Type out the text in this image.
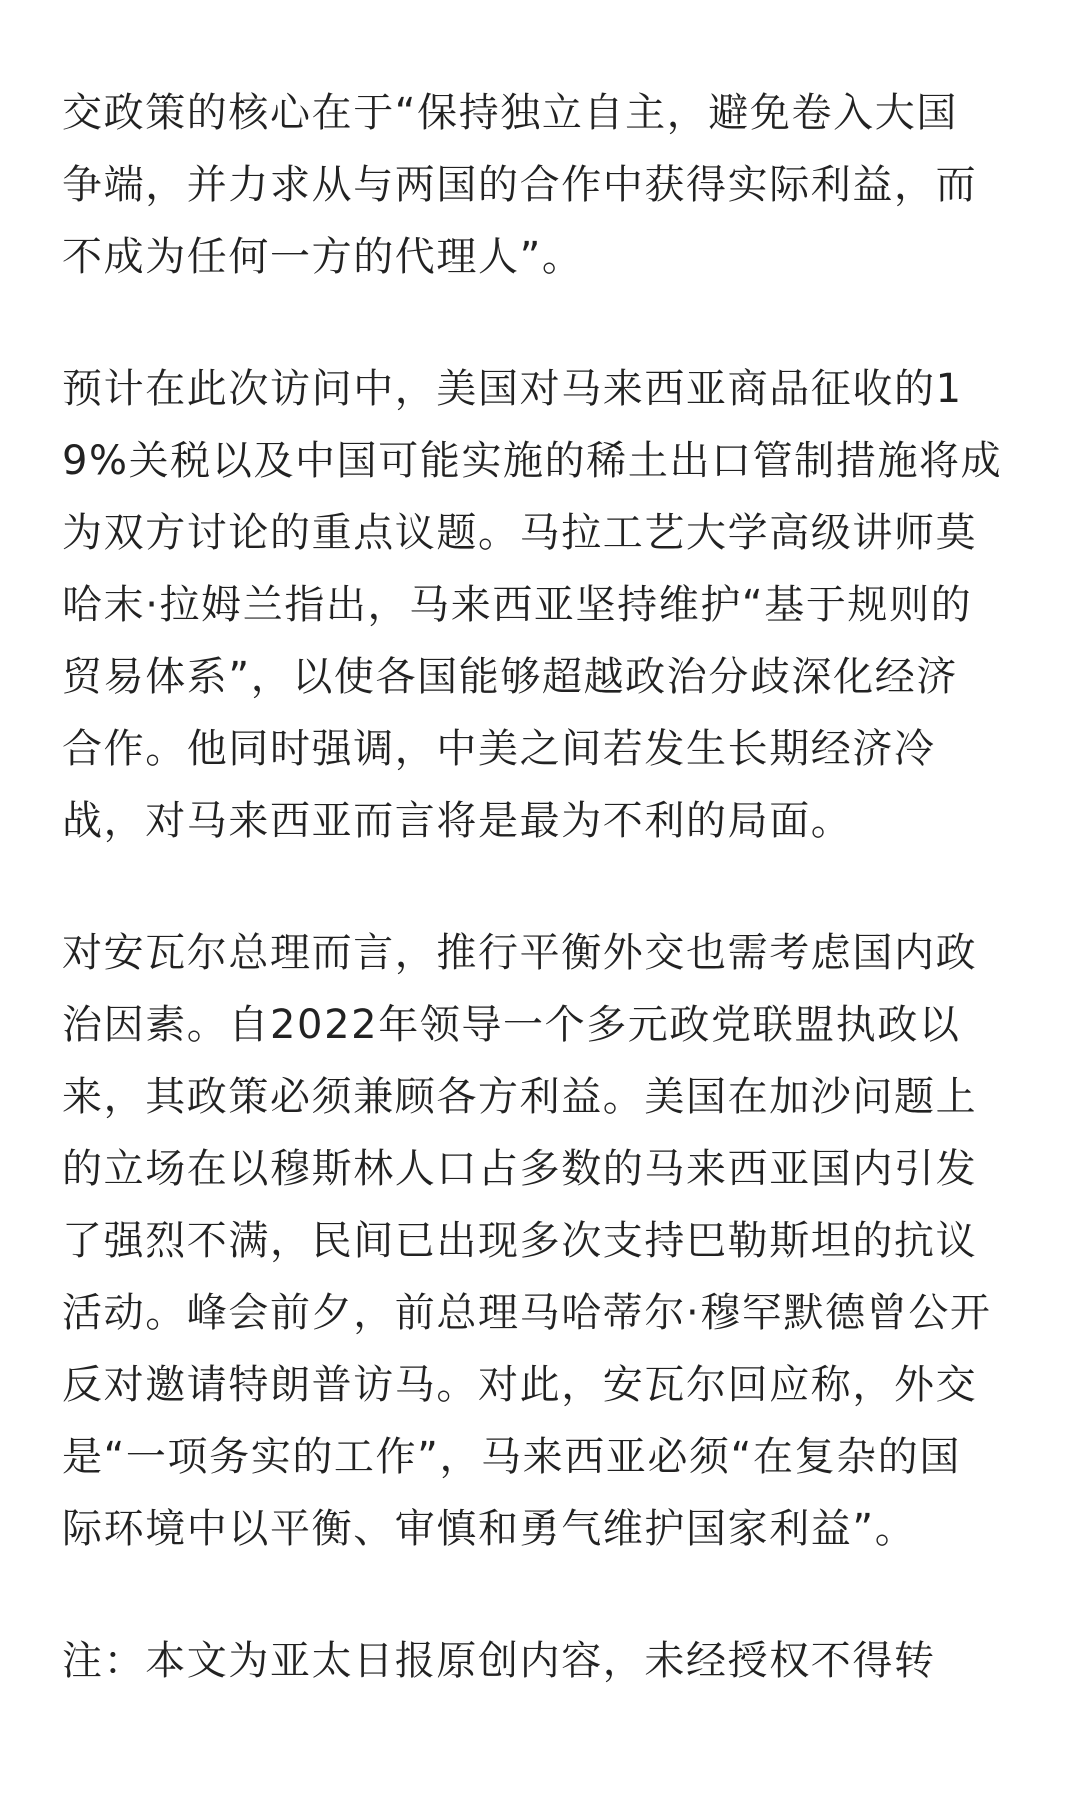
交政策的核心在于“保持独立自主，避免卷入大国
争端，并力求从与两国的合作中获得实际利益，而
不成为任何一方的代理人”。

预计在此次访问中，美国对马来西亚商品征收的1
9%关税以及中国可能实施的稀土出口管制措施将成
为双方讨论的重点议题。马拉工艺大学高级讲师莫
哈末·拉姆兰指出，马来西亚坚持维护“基于规则的
贸易体系”，以使各国能够超越政治分歧深化经济
合作。他同时强调，中美之间若发生长期经济冷
战，对马来西亚而言将是最为不利的局面。

对安瓦尔总理而言，推行平衡外交也需考虑国内政
治因素。自2022年领导一个多元政党联盟执政以
来，其政策必须兼顾各方利益。美国在加沙问题上
的立场在以穆斯林人口占多数的马来西亚国内引发
了强烈不满，民间已出现多次支持巴勒斯坦的抗议
活动。峰会前夕，前总理马哈蒂尔·穆罕默德曾公开
反对邀请特朗普访马。对此，安瓦尔回应称，外交
是“一项务实的工作”，马来西亚必须“在复杂的国
际环境中以平衡、审慎和勇气维护国家利益”。

注：本文为亚太日报原创内容，未经授权不得转
